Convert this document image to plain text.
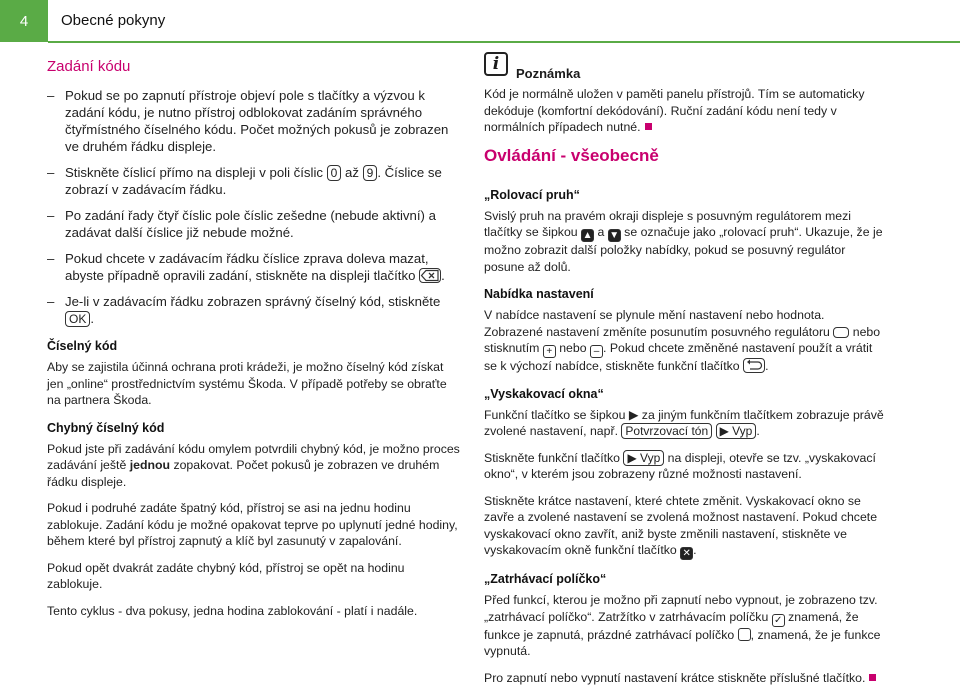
4 Obecné pokyny
Zadání kódu
– Pokud se po zapnutí přístroje objeví pole s tlačítky a výzvou k zadání kódu, je nutno přístroj odblokovat zadáním správného čtyřmístného číselného kódu. Počet možných pokusů je zobrazen ve druhém řádku displeje.
– Stiskněte číslicí přímo na displeji v poli číslic 0 až 9 . Číslice se zobrazí v zadávacím řádku.
– Po zadání řady čtyř číslic pole číslic zešedne (nebude aktivní) a zadávat další číslice již nebude možné.
– Pokud chcete v zadávacím řádku číslice zprava doleva mazat, abyste případně opravili zadání, stiskněte na displeji tlačítko .
– Je-li v zadávacím řádku zobrazen správný číselný kód, stiskněte OK .
Číselný kód

Aby se zajistila účinná ochrana proti krádeži, je možno číselný kód získat jen „online“ prostřednictvím systému Škoda. V případě potřeby se obraťte na partnera Škoda.

Chybný číselný kód

Pokud jste při zadávání kódu omylem potvrdili chybný kód, je možno proces zadávání ještě jednou zopakovat. Počet pokusů je zobrazen ve druhém řádku displeje.

Pokud i podruhé zadáte špatný kód, přístroj se asi na jednu hodinu zablokuje. Zadání kódu je možné opakovat teprve po uplynutí jedné hodiny, během které byl přístroj zapnutý a klíč byl zasunutý v zapalování.

Pokud opět dvakrát zadáte chybný kód, přístroj se opět na hodinu zablokuje.

Tento cyklus - dva pokusy, jedna hodina zablokování - platí i nadále.

i	Poznámka

Kód je normálně uložen v paměti panelu přístrojů. Tím se automaticky dekóduje (komfortní dekódování). Ruční zadání kódu není tedy v normálních případech nutné.

Ovládání - všeobecně
„Rolovací pruh“

Svislý pruh na pravém okraji displeje s posuvným regulátorem mezi tlačítky se šipkou ▲ a ▼ se označuje jako „rolovací pruh“. Ukazuje, že je možno zobrazit další položky nabídky, pokud se posuvný regulátor posune až dolů.

Nabídka nastavení

V nabídce nastavení se plynule mění nastavení nebo hodnota. Zobrazené nastavení změníte posunutím posuvného regulátoru nebo stisknutím + nebo – . Pokud chcete změněné nastavení použít a vrátit se k výchozí nabídce, stiskněte funkční tlačítko .

„Vyskakovací okna“

Funkční tlačítko se šipkou ▶ za jiným funkčním tlačítkem zobrazuje právě zvolené nastavení, např. Potvrzovací tón ▶ Vyp .

Stiskněte funkční tlačítko ▶ Vyp na displeji, otevře se tzv. „vyskakovací okno“, v kterém jsou zobrazeny různé možnosti nastavení.

Stiskněte krátce nastavení, které chtete změnit. Vyskakovací okno se zavře a zvolené nastavení se zvolená možnost nastavení. Pokud chcete vyskakovací okno zavřít, aniž byste změnili nastavení, stiskněte ve vyskakovacím okně funkční tlačítko ✕ .

„Zatrhávací políčko“

Před funkcí, kterou je možno při zapnutí nebo vypnout, je zobrazeno tzv. „zatrhávací políčko“. Zatržítko v zatrhávacím políčku ✓ znamená, že funkce je zapnutá, prázdné zatrhávací políčko , znamená, že je funkce vypnutá.

Pro zapnutí nebo vypnutí nastavení krátce stiskněte příslušné tlačítko.
